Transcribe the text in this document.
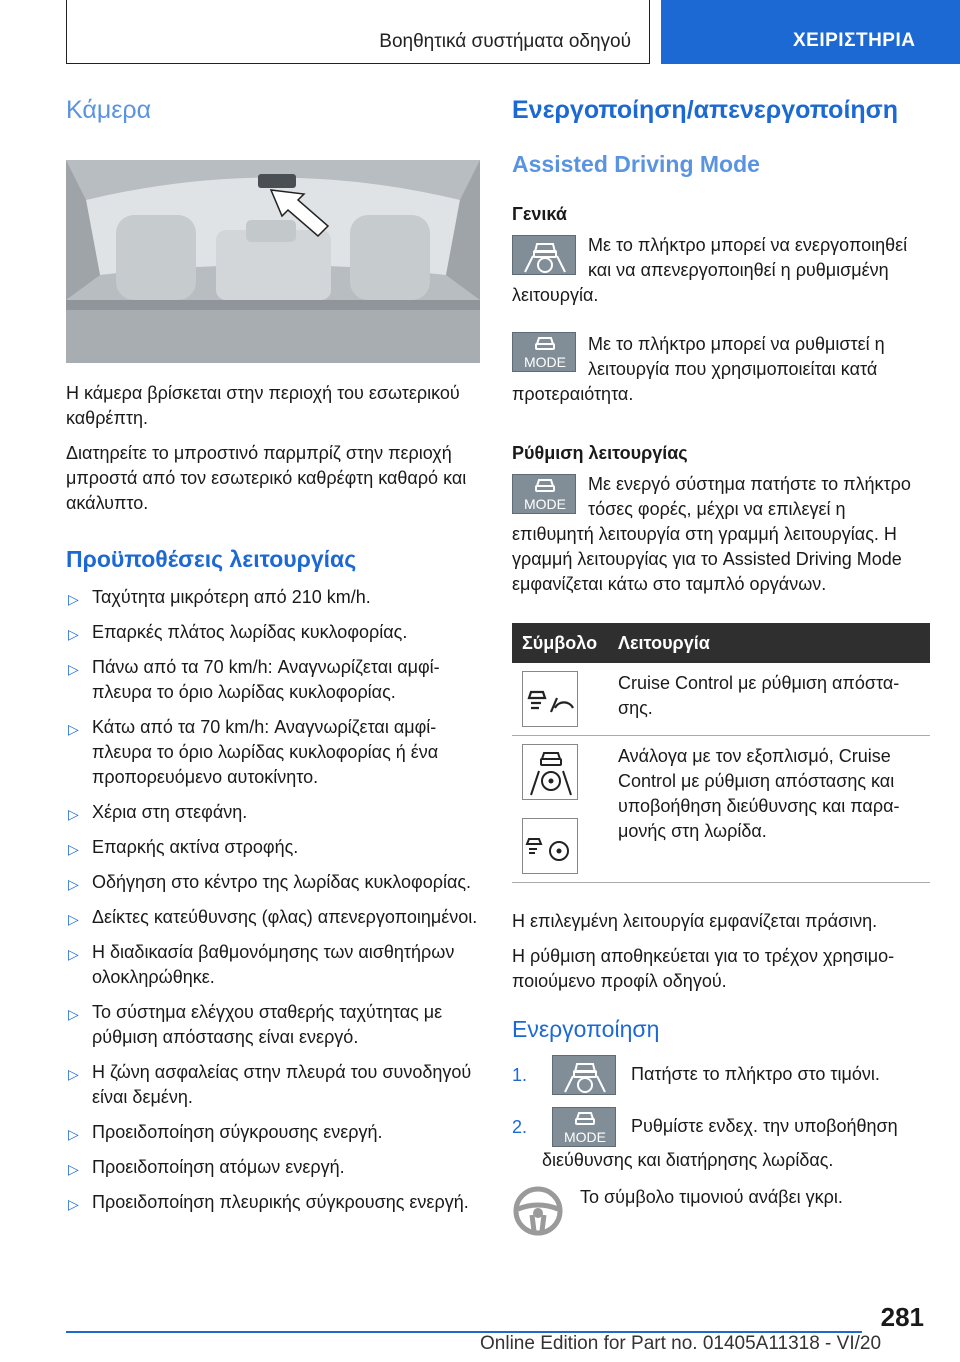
Βοηθητικά συστήματα οδηγού	ΧΕΙΡΙΣΤΗΡΙΑ
Κάμερα

Η κάμερα βρίσκεται στην περιοχή του εσωτερικού καθρέπτη.

Διατηρείτε το μπροστινό παρμπρίζ στην περιοχή μπροστά από τον εσωτερικό καθρέφτη καθαρό και ακάλυπτο.

Προϋποθέσεις λειτουργίας
▷ Ταχύτητα μικρότερη από 210 km/h.
▷ Επαρκές πλάτος λωρίδας κυκλοφορίας.
▷ Πάνω από τα 70 km/h: Αναγνωρίζεται αμφίπλευρα το όριο λωρίδας κυκλοφορίας.
▷ Κάτω από τα 70 km/h: Αναγνωρίζεται αμφίπλευρα το όριο λωρίδας κυκλοφορίας ή ένα προπορευόμενο αυτοκίνητο.
▷ Χέρια στη στεφάνη.
▷ Επαρκής ακτίνα στροφής.
▷ Οδήγηση στο κέντρο της λωρίδας κυκλοφορίας.
▷ Δείκτες κατεύθυνσης (φλας) απενεργοποιημένοι.
▷ Η διαδικασία βαθμονόμησης των αισθητήρων ολοκληρώθηκε.
▷ Το σύστημα ελέγχου σταθερής ταχύτητας με ρύθμιση απόστασης είναι ενεργό.
▷ Η ζώνη ασφαλείας στην πλευρά του συνοδηγού είναι δεμένη.
▷ Προειδοποίηση σύγκρουσης ενεργή.
▷ Προειδοποίηση ατόμων ενεργή.
▷ Προειδοποίηση πλευρικής σύγκρουσης ενεργή.
Ενεργοποίηση/απενεργοποίηση
Assisted Driving Mode
Γενικά

Με το πλήκτρο μπορεί να ενεργοποιηθεί και να απενεργοποιηθεί η ρυθμισμένη λειτουργία.

MODE

Με το πλήκτρο μπορεί να ρυθμιστεί η λειτουργία που χρησιμοποιείται κατά προτεραιότητα.

Ρύθμιση λειτουργίας
MODE

Με ενεργό σύστημα πατήστε το πλήκτρο τόσες φορές, μέχρι να επιλεγεί η επιθυμητή λειτουργία στη γραμμή λειτουργίας. Η γραμμή λειτουργίας για το Assisted Driving Mode εμφανίζεται κάτω στο ταμπλό οργάνων.

Σύμβολο	Λειτουργία

	Cruise Control με ρύθμιση απόστασης.

	Ανάλογα με τον εξοπλισμό, Cruise Control με ρύθμιση απόστασης και υποβοήθηση διεύθυνσης και παραμονής στη λωρίδα.

Η επιλεγμένη λειτουργία εμφανίζεται πράσινη.

Η ρύθμιση αποθηκεύεται για το τρέχον χρησιμοποιούμενο προφίλ οδηγού.

Ενεργοποίηση
1.	Πατήστε το πλήκτρο στο τιμόνι.
2.	MODE
Ρυθμίστε ενδεχ. την υποβοήθηση διεύθυνσης και διατήρησης λωρίδας.
Το σύμβολο τιμονιού ανάβει γκρι.
281
Online Edition for Part no. 01405A11318 - VI/20
